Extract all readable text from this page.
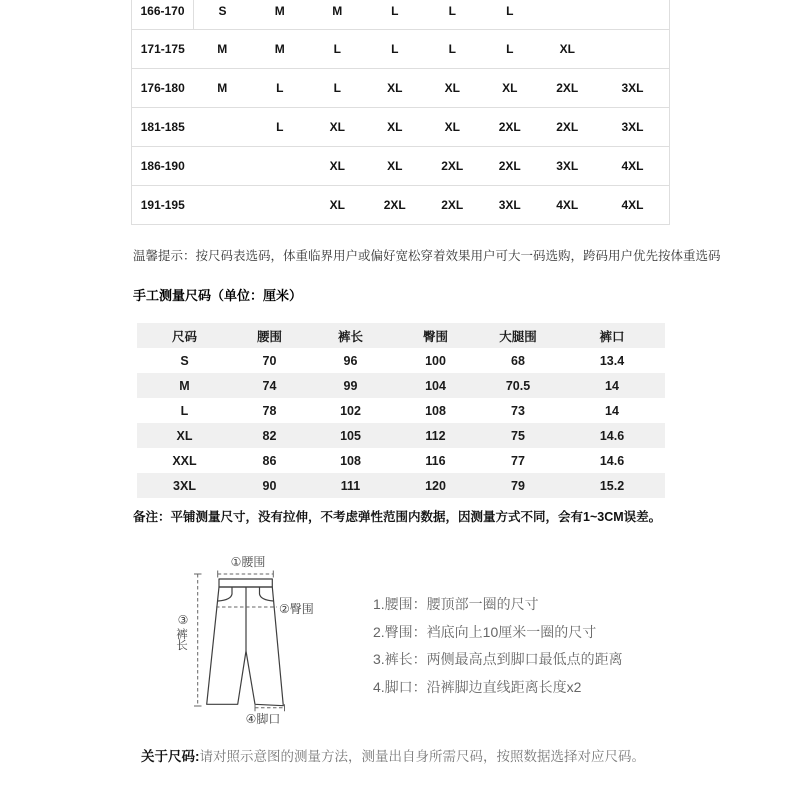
166-170	S	M	M	L	L	L		
171-175	M	M	L	L	L	L	XL	
176-180	M	L	L	XL	XL	XL	2XL	3XL
181-185		L	XL	XL	XL	2XL	2XL	3XL
186-190			XL	XL	2XL	2XL	3XL	4XL
191-195			XL	2XL	2XL	3XL	4XL	4XL

温馨提示：按尺码表选码，体重临界用户或偏好宽松穿着效果用户可大一码选购，跨码用户优先按体重选码

手工测量尺码（单位：厘米）
尺码	腰围	裤长	臀围	大腿围	裤口
S	70	96	100	68	13.4
M	74	99	104	70.5	14
L	78	102	108	73	14
XL	82	105	112	75	14.6
XXL	86	108	116	77	14.6
3XL	90	111	120	79	15.2

备注：平铺测量尺寸，没有拉伸，不考虑弹性范围内数据，因测量方式不同，会有1~3CM误差。

①腰围
②臀围
③
裤
长
④脚口
1.腰围：腰顶部一圈的尺寸
2.臀围：裆底向上10厘米一圈的尺寸
3.裤长：两侧最高点到脚口最低点的距离
4.脚口：沿裤脚边直线距离长度x2

关于尺码:请对照示意图的测量方法，测量出自身所需尺码，按照数据选择对应尺码。
